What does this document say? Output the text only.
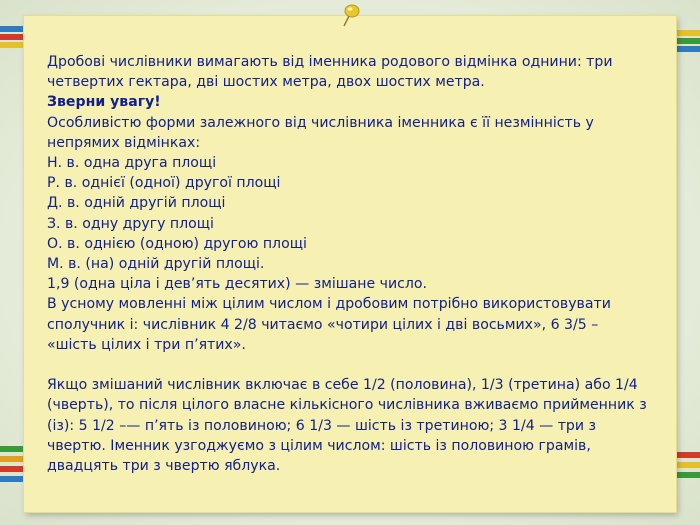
Дробові числівники вимагають від іменника родового відмінка однини: три

четвертих гектара, дві шостих метра, двох шостих метра.

Зверни увагу!

Особливістю форми залежного від числівника іменника є її незмінність у

непрямих відмінках:

Н. в. одна друга площі

Р. в. однієї (одної) другої площі

Д. в. одній другій площі

З. в. одну другу площі

О. в. однією (одною) другою площі

М. в. (на) одній другій площі.

1,9 (одна ціла і дев’ять десятих) — змішане число.

В усному мовленні між цілим числом і дробовим потрібно використовувати

сполучник і: числівник 4 2/8 читаємо «чотири цілих і дві восьмих», 6 3/5 –

«шість цілих і три п’ятих».

Якщо змішаний числівник включає в себе 1/2 (половина), 1/3 (третина) або 1/4

(чверть), то після цілого власне кількісного числівника вживаємо прийменник з

(із): 5 1/2 –— п’ять із половиною; 6 1/3 — шість із третиною; 3 1/4 — три з

чвертю. Іменник узгоджуємо з цілим числом: шість із половиною грамів,

двадцять три з чвертю яблука.
